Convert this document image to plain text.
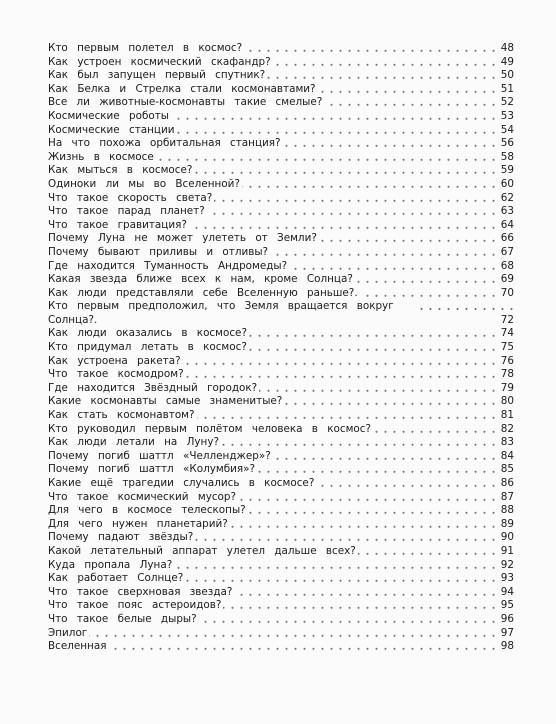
Кто первым полетел в космос?	48
Как устроен космический скафандр?	49
Как был запущен первый спутник?	50
Как Белка и Стрелка стали космонавтами?	51
Все ли животные-космонавты такие смелые?	52
Космические роботы	53
Космические станции	54
На что похожа орбитальная станция?	56
Жизнь в космосе	58
Как мыться в космосе?	59
Одиноки ли мы во Вселенной?	60
Что такое скорость света?	62
Что такое парад планет?	63
Что такое гравитация?	64
Почему Луна не может улететь от Земли?	66
Почему бывают приливы и отливы?	67
Где находится Туманность Андромеды?	68
Какая звезда ближе всех к нам, кроме Солнца?	69
Как люди представляли себе Вселенную раньше?.	70
Кто первым предположил, что Земля вращается вокруг Солнца?.	72
Как люди оказались в космосе?	74
Кто придумал летать в космос?	75
Как устроена ракета?	76
Что такое космодром?	78
Где находится Звёздный городок?	79
Какие космонавты самые знаменитые?	80
Как стать космонавтом?	81
Кто руководил первым полётом человека в космос?	82
Как люди летали на Луну?	83
Почему погиб шаттл «Челленджер»?	84
Почему погиб шаттл «Колумбия»?	85
Какие ещё трагедии случались в космосе?	86
Что такое космический мусор?	87
Для чего в космосе телескопы?	88
Для чего нужен планетарий?	89
Почему падают звёзды?	90
Какой летательный аппарат улетел дальше всех?	91
Куда пропала Луна?	92
Как работает Солнце?	93
Что такое сверхновая звезда?	94
Что такое пояс астероидов?	95
Что такое белые дыры?	96
Эпилог	97
Вселенная	98
